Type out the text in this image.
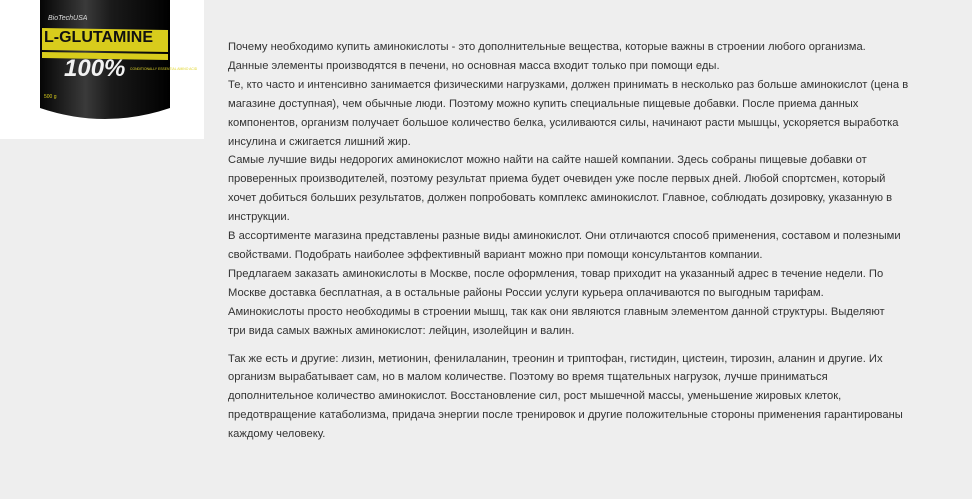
BioTechUSA
L-GLUTAMINE
100% CONDITIONALLY ESSENTIAL AMINO ACID
500 g

Почему необходимо купить аминокислоты - это дополнительные вещества, которые важны в строении любого организма.
Данные элементы производятся в печени, но основная масса входит только при помощи еды.
Те, кто часто и интенсивно занимается физическими нагрузками, должен принимать в несколько раз больше аминокислот (цена в
магазине доступная), чем обычные люди. Поэтому можно купить специальные пищевые добавки. После приема данных
компонентов, организм получает большое количество белка, усиливаются силы, начинают расти мышцы, ускоряется выработка
инсулина и сжигается лишний жир.
Самые лучшие виды недорогих аминокислот можно найти на сайте нашей компании. Здесь собраны пищевые добавки от
проверенных производителей, поэтому результат приема будет очевиден уже после первых дней. Любой спортсмен, который
хочет добиться больших результатов, должен попробовать комплекс аминокислот. Главное, соблюдать дозировку, указанную в
инструкции.
В ассортименте магазина представлены разные виды аминокислот. Они отличаются способ применения, составом и полезными
свойствами. Подобрать наиболее эффективный вариант можно при помощи консультантов компании.
Предлагаем заказать аминокислоты в Москве, после оформления, товар приходит на указанный адрес в течение недели. По
Москве доставка бесплатная, а в остальные районы России услуги курьера оплачиваются по выгодным тарифам.
Аминокислоты просто необходимы в строении мышц, так как они являются главным элементом данной структуры. Выделяют
три вида самых важных аминокислот: лейцин, изолейцин и валин.

Так же есть и другие: лизин, метионин, фенилаланин, треонин и триптофан, гистидин, цистеин, тирозин, аланин и другие. Их
организм вырабатывает сам, но в малом количестве. Поэтому во время тщательных нагрузок, лучше приниматься
дополнительное количество аминокислот. Восстановление сил, рост мышечной массы, уменьшение жировых клеток,
предотвращение катаболизма, придача энергии после тренировок и другие положительные стороны применения гарантированы
каждому человеку.
